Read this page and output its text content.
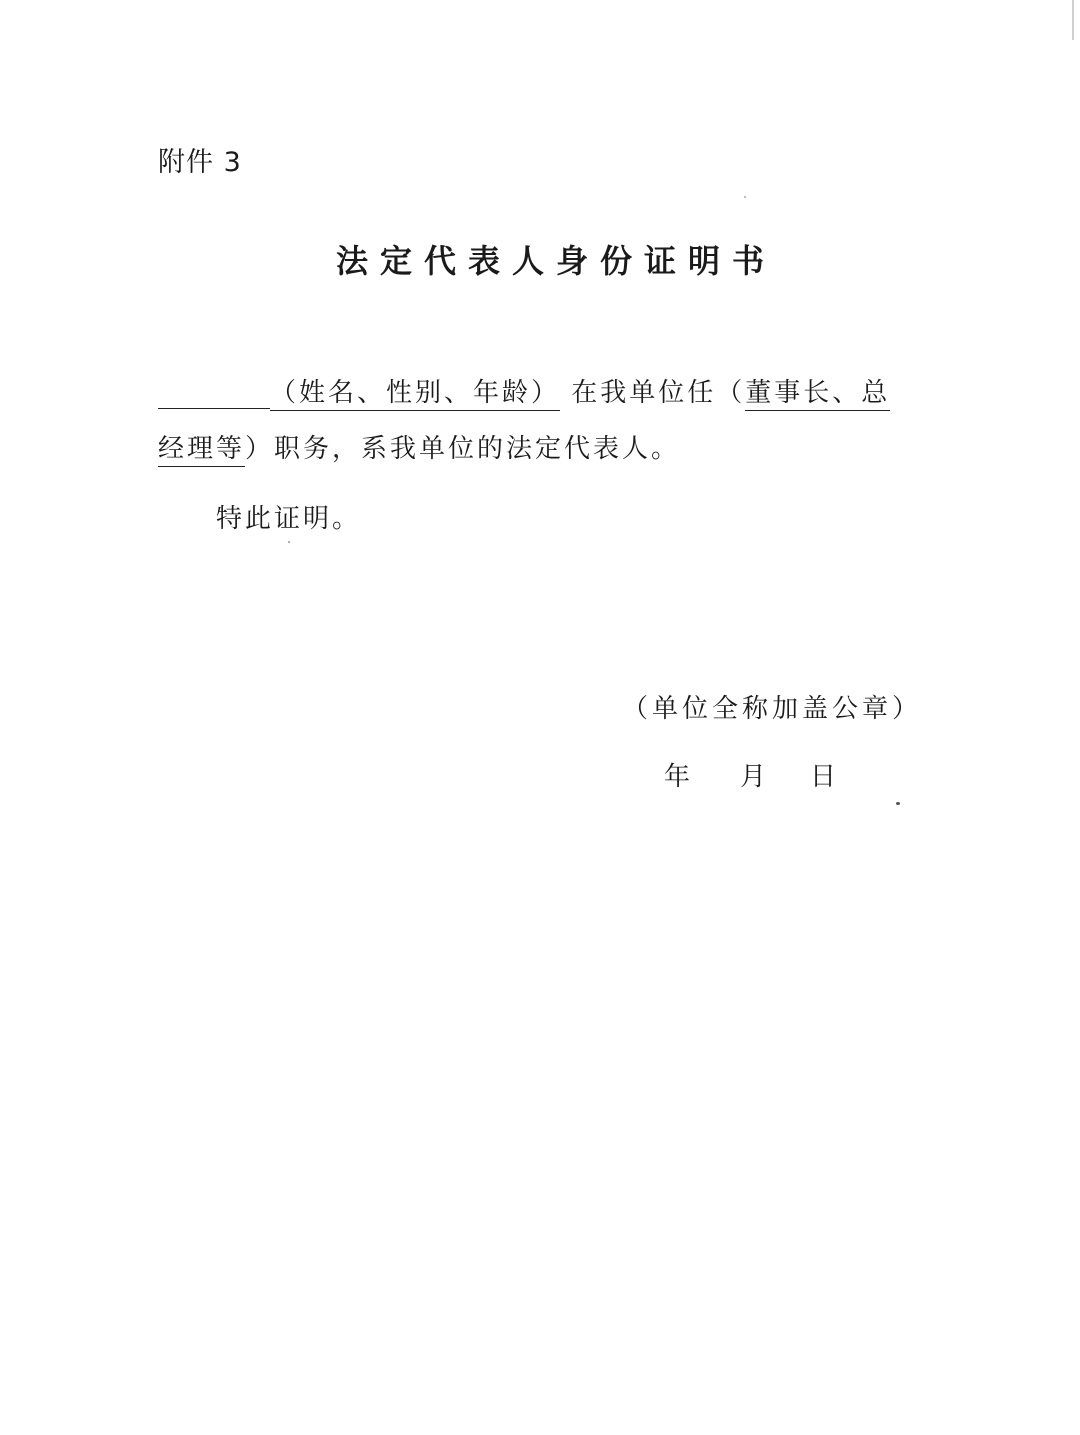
附件 3
法定代表人身份证明书
（姓名、性别、年龄） 在我单位任（董事长、总
经理等）职务，系我单位的法定代表人。
特此证明。
（单位全称加盖公章）
年 月 日
